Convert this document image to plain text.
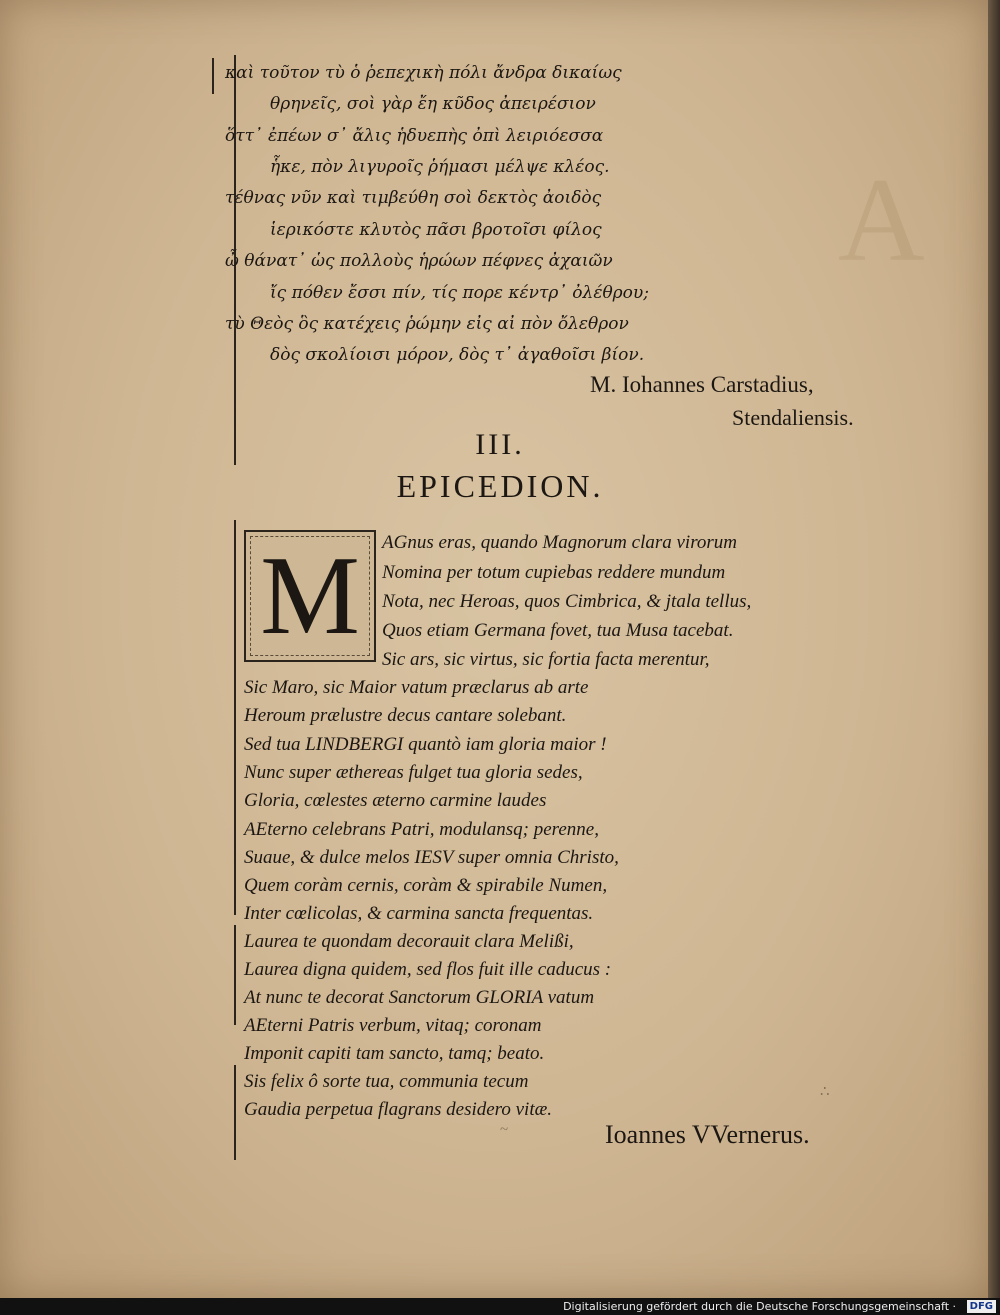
A
καὶ τοῦτον τὺ ὁ ῥεπεχικὴ πόλι ἄνδρα δικαίως
θρηνεῖς, σοὶ γὰρ ἔη κῦδος ἀπειρέσιον
ὅττ᾽ ἐπέων σ᾽ ἄλις ἡδυεπὴς ὀπὶ λειριόεσσα
ἧκε, πὸν λιγυροῖς ῥήμασι μέλψε κλέος.
τέθνας νῦν καὶ τιμβεύθη σοὶ δεκτὸς ἀοιδὸς
ἱερικόστε κλυτὸς πᾶσι βροτοῖσι φίλος
ὦ θάνατ᾽ ὡς πολλοὺς ἡρώων πέφνες ἀχαιῶν
ἴς πόθεν ἔσσι πίν, τίς πορε κέντρ᾽ ὀλέθρου;
τὺ Θεὸς ὃς κατέχεις ῥώμην εἰς αἰ πὸν ὄλεθρον
δὸς σκολίοισι μόρον, δὸς τ᾽ ἀγαθοῖσι βίον.
M. Iohannes Carstadius,
Stendaliensis.
III.
EPICEDION.
M AGnus eras, quando Magnorum clara virorum
Nomina per totum cupiebas reddere mundum
Nota, nec Heroas, quos Cimbrica, & jtala tellus,
Quos etiam Germana fovet, tua Musa tacebat.
Sic ars, sic virtus, sic fortia facta merentur,
Sic Maro, sic Maior vatum præclarus ab arte
Heroum prælustre decus cantare solebant.
Sed tua LINDBERGI quantò iam gloria maior !
Nunc super æthereas fulget tua gloria sedes,
Gloria, cœlestes æterno carmine laudes
AEterno celebrans Patri, modulansq; perenne,
Suaue, & dulce melos IESV super omnia Christo,
Quem coràm cernis, coràm & spirabile Numen,
Inter cœlicolas, & carmina sancta frequentas.
Laurea te quondam decorauit clara Melißi,
Laurea digna quidem, sed flos fuit ille caducus :
At nunc te decorat Sanctorum GLORIA vatum
AEterni Patris verbum, vitaq; coronam
Imponit capiti tam sancto, tamq; beato.
Sis felix ô sorte tua, communia tecum
Gaudia perpetua flagrans desidero vitæ.
~
∴
Ioannes VVernerus.
Digitalisierung gefördert durch die Deutsche Forschungsgemeinschaft ·	DFG
